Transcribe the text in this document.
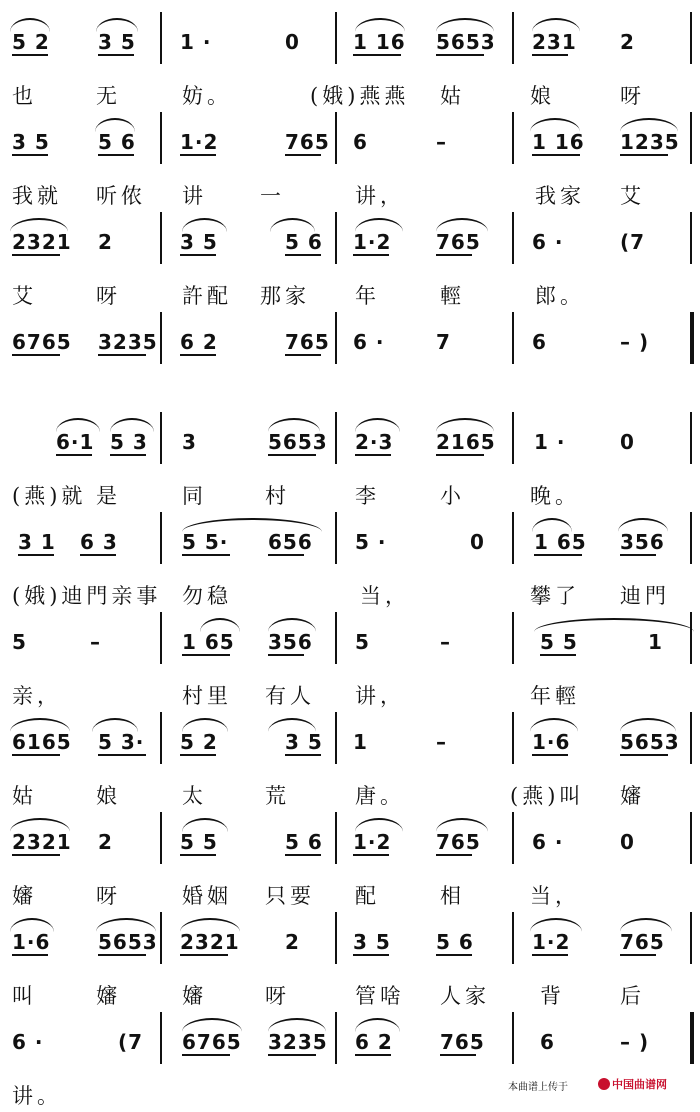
5 2 3 5 1 ·	0	1 16 5653 231 2
也	无	妨。	(娥)燕燕 姑	娘	呀
3 5 5 6 1·2	765 6	–	1 16 1235
我就 听侬 讲	一	讲，	我家 艾
2321 2	3 5	5 6 1·2 765	6 ·	(7
艾	呀	許配 那家 年	輕	郎。
6765 3235 6 2	765 6 ·	7	6	– )
6·1 5 3 3	5653 2·3 2165 1 ·	0
(燕)就 是	同	村	李	小	晚。
3 1 6 3	5 5· 656 5 ·	0 1 65 356
(娥)迪門亲事 勿稳	当，	攀了 迪門
5	–	1 65 356 5	–	5 5	1
亲，	村里 有人 讲，	年輕
6165 5 3· 5 2	3 5 1	–	1·6 5653
姑	娘	太	荒	唐。	(燕)叫 嬸
2321 2	5 5	5 6 1·2 765	6 ·	0
嬸	呀	婚姻 只要 配	相	当，
1·6 5653 2321 2	3 5 5 6	1·2 765
叫	嬸	嬸	呀	管啥 人家 背	后
6 ·	(7 6765 3235 6 2 765	6	– )
讲。	本曲谱上传于	中国曲谱网
